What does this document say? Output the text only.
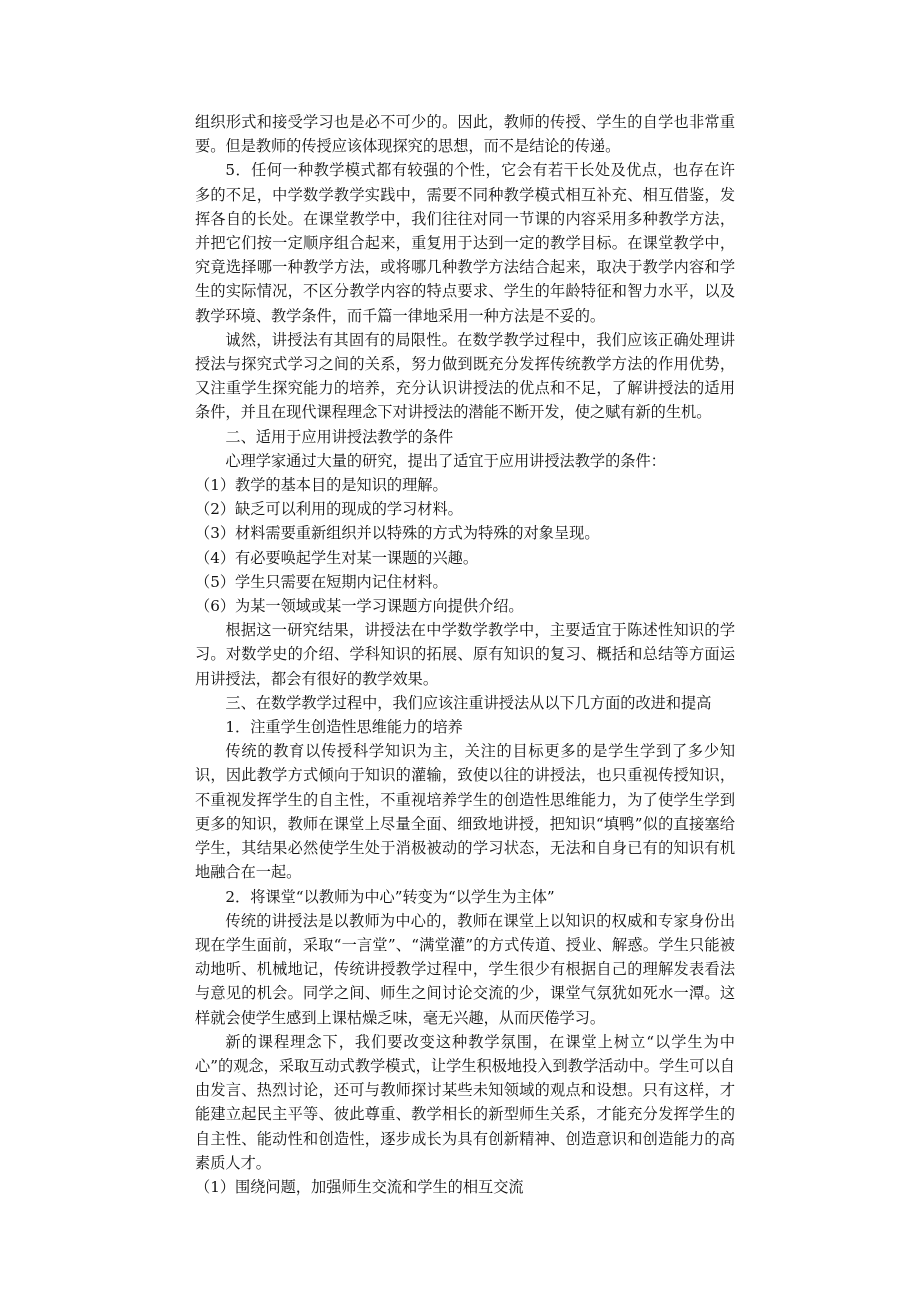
组织形式和接受学习也是必不可少的。因此，教师的传授、学生的自学也非常重要。但是教师的传授应该体现探究的思想，而不是结论的传递。

5．任何一种教学模式都有较强的个性，它会有若干长处及优点，也存在许多的不足，中学数学教学实践中，需要不同种教学模式相互补充、相互借鉴，发挥各自的长处。在课堂教学中，我们往往对同一节课的内容采用多种教学方法，并把它们按一定顺序组合起来，重复用于达到一定的教学目标。在课堂教学中，究竟选择哪一种教学方法，或将哪几种教学方法结合起来，取决于教学内容和学生的实际情况，不区分教学内容的特点要求、学生的年龄特征和智力水平，以及教学环境、教学条件，而千篇一律地采用一种方法是不妥的。

诚然，讲授法有其固有的局限性。在数学教学过程中，我们应该正确处理讲授法与探究式学习之间的关系，努力做到既充分发挥传统教学方法的作用优势，又注重学生探究能力的培养，充分认识讲授法的优点和不足，了解讲授法的适用条件，并且在现代课程理念下对讲授法的潜能不断开发，使之赋有新的生机。

二、适用于应用讲授法教学的条件

心理学家通过大量的研究，提出了适宜于应用讲授法教学的条件：

（1）教学的基本目的是知识的理解。

（2）缺乏可以利用的现成的学习材料。

（3）材料需要重新组织并以特殊的方式为特殊的对象呈现。

（4）有必要唤起学生对某一课题的兴趣。

（5）学生只需要在短期内记住材料。

（6）为某一领域或某一学习课题方向提供介绍。

根据这一研究结果，讲授法在中学数学教学中，主要适宜于陈述性知识的学习。对数学史的介绍、学科知识的拓展、原有知识的复习、概括和总结等方面运用讲授法，都会有很好的教学效果。

三、在数学教学过程中，我们应该注重讲授法从以下几方面的改进和提高

1．注重学生创造性思维能力的培养

传统的教育以传授科学知识为主，关注的目标更多的是学生学到了多少知识，因此教学方式倾向于知识的灌输，致使以往的讲授法，也只重视传授知识，不重视发挥学生的自主性，不重视培养学生的创造性思维能力，为了使学生学到更多的知识，教师在课堂上尽量全面、细致地讲授，把知识“填鸭”似的直接塞给学生，其结果必然使学生处于消极被动的学习状态，无法和自身已有的知识有机地融合在一起。

2．将课堂“以教师为中心”转变为“以学生为主体”

传统的讲授法是以教师为中心的，教师在课堂上以知识的权威和专家身份出现在学生面前，采取“一言堂”、“满堂灌”的方式传道、授业、解惑。学生只能被动地听、机械地记，传统讲授教学过程中，学生很少有根据自己的理解发表看法与意见的机会。同学之间、师生之间讨论交流的少，课堂气氛犹如死水一潭。这样就会使学生感到上课枯燥乏味，毫无兴趣，从而厌倦学习。

新的课程理念下，我们要改变这种教学氛围，在课堂上树立“以学生为中心”的观念，采取互动式教学模式，让学生积极地投入到教学活动中。学生可以自由发言、热烈讨论，还可与教师探讨某些未知领域的观点和设想。只有这样，才能建立起民主平等、彼此尊重、教学相长的新型师生关系，才能充分发挥学生的自主性、能动性和创造性，逐步成长为具有创新精神、创造意识和创造能力的高素质人才。

（1）围绕问题，加强师生交流和学生的相互交流
